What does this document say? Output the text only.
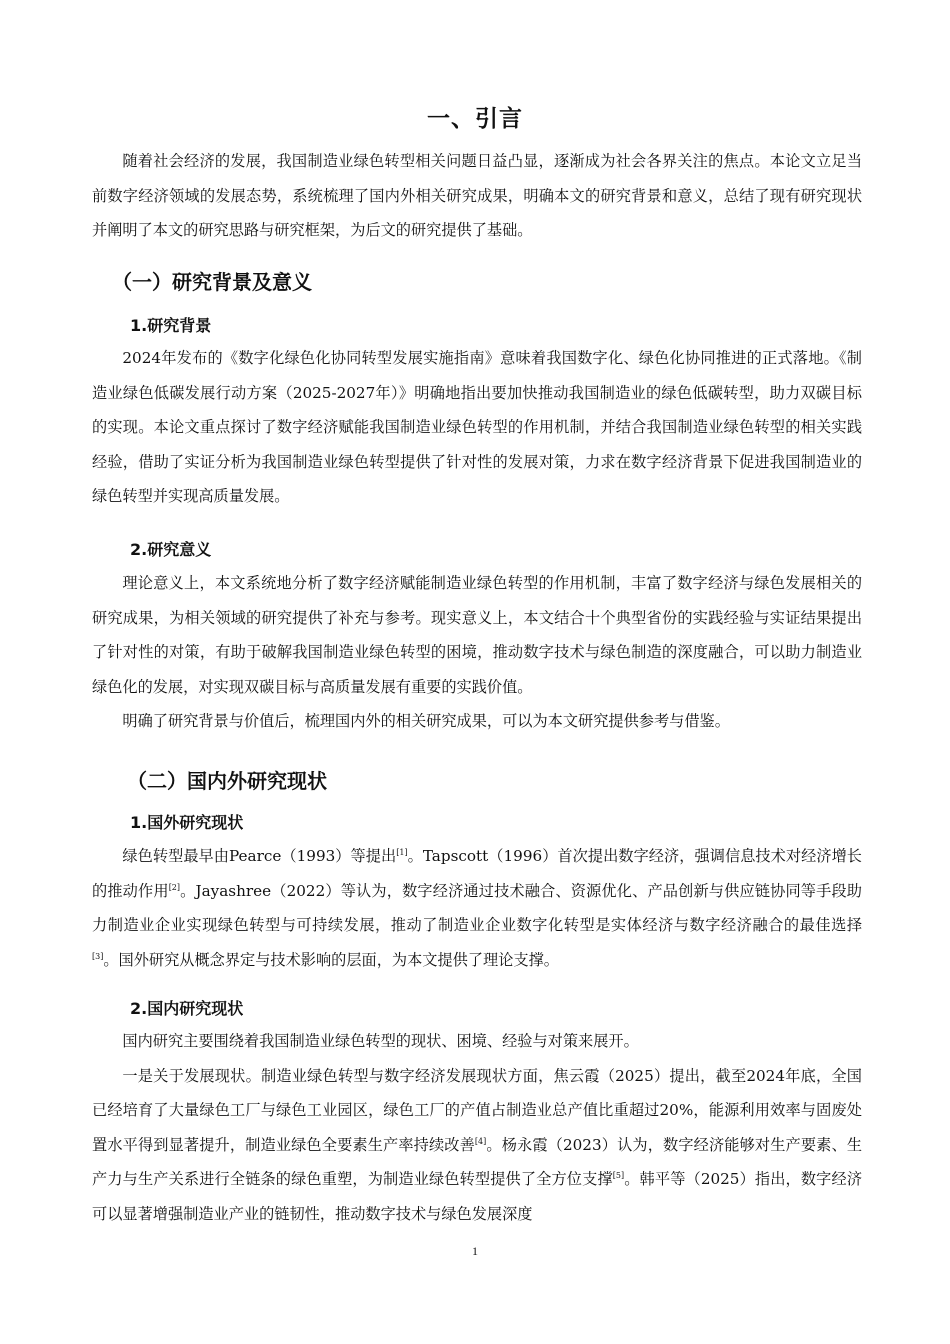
一、引言

随着社会经济的发展，我国制造业绿色转型相关问题日益凸显，逐渐成为社会各界关注的焦点。本论文立足当前数字经济领域的发展态势，系统梳理了国内外相关研究成果，明确本文的研究背景和意义，总结了现有研究现状并阐明了本文的研究思路与研究框架，为后文的研究提供了基础。

（一）研究背景及意义
1.研究背景

2024年发布的《数字化绿色化协同转型发展实施指南》意味着我国数字化、绿色化协同推进的正式落地。《制造业绿色低碳发展行动方案（2025-2027年）》明确地指出要加快推动我国制造业的绿色低碳转型，助力双碳目标的实现。本论文重点探讨了数字经济赋能我国制造业绿色转型的作用机制，并结合我国制造业绿色转型的相关实践经验，借助了实证分析为我国制造业绿色转型提供了针对性的发展对策，力求在数字经济背景下促进我国制造业的绿色转型并实现高质量发展。

2.研究意义

理论意义上，本文系统地分析了数字经济赋能制造业绿色转型的作用机制，丰富了数字经济与绿色发展相关的研究成果，为相关领域的研究提供了补充与参考。现实意义上，本文结合十个典型省份的实践经验与实证结果提出了针对性的对策，有助于破解我国制造业绿色转型的困境，推动数字技术与绿色制造的深度融合，可以助力制造业绿色化的发展，对实现双碳目标与高质量发展有重要的实践价值。

明确了研究背景与价值后，梳理国内外的相关研究成果，可以为本文研究提供参考与借鉴。

（二）国内外研究现状
1.国外研究现状

绿色转型最早由Pearce（1993）等提出[1]。Tapscott（1996）首次提出数字经济，强调信息技术对经济增长的推动作用[2]。Jayashree（2022）等认为，数字经济通过技术融合、资源优化、产品创新与供应链协同等手段助力制造业企业实现绿色转型与可持续发展，推动了制造业企业数字化转型是实体经济与数字经济融合的最佳选择[3]。国外研究从概念界定与技术影响的层面，为本文提供了理论支撑。

2.国内研究现状

国内研究主要围绕着我国制造业绿色转型的现状、困境、经验与对策来展开。

一是关于发展现状。制造业绿色转型与数字经济发展现状方面，焦云霞（2025）提出，截至2024年底，全国已经培育了大量绿色工厂与绿色工业园区，绿色工厂的产值占制造业总产值比重超过20%，能源利用效率与固废处置水平得到显著提升，制造业绿色全要素生产率持续改善[4]。杨永霞（2023）认为，数字经济能够对生产要素、生产力与生产关系进行全链条的绿色重塑，为制造业绿色转型提供了全方位支撑[5]。韩平等（2025）指出，数字经济可以显著增强制造业产业的链韧性，推动数字技术与绿色发展深度

1
